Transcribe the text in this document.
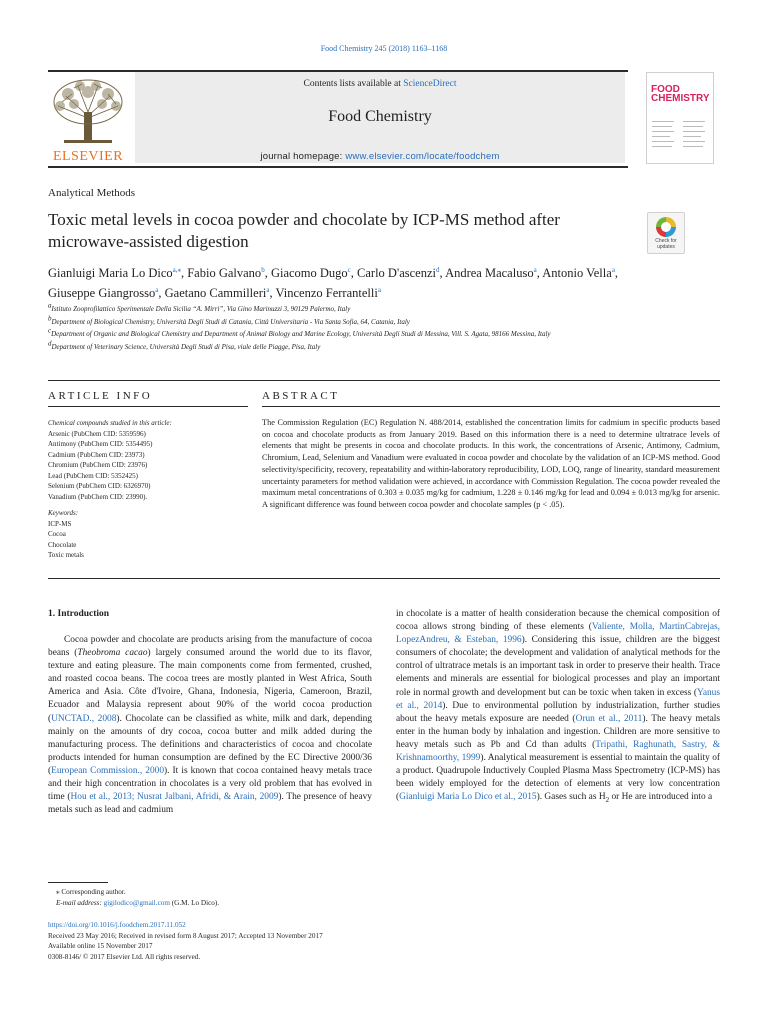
Food Chemistry 245 (2018) 1163–1168
ELSEVIER
Contents lists available at ScienceDirect
Food Chemistry
journal homepage: www.elsevier.com/locate/foodchem
FOOD
CHEMISTRY
Analytical Methods
Toxic metal levels in cocoa powder and chocolate by ICP-MS method after microwave-assisted digestion	Check for updates
Gianluigi Maria Lo Dico$^{a,⁎}$, Fabio Galvano$^b$, Giacomo Dugo$^c$, Carlo D'ascenzi$^d$, Andrea Macaluso$^a$, Antonio Vella$^a$, Giuseppe Giangrosso$^a$, Gaetano Cammilleri$^a$, Vincenzo Ferrantelli$^a$
$^a$Istituto Zooprofilattico Sperimentale Della Sicilia “A. Mirri”, Via Gino Marinuzzi 3, 90129 Palermo, Italy
$^b$Department of Biological Chemistry, Università Degli Studi di Catania, Città Universitaria - Via Santa Sofia, 64, Catania, Italy
$^c$Department of Organic and Biological Chemistry and Department of Animal Biology and Marine Ecology, Università Degli Studi di Messina, Vill. S. Agata, 98166 Messina, Italy
$^d$Department of Veterinary Science, Università Degli Studi di Pisa, viale delle Piagge, Pisa, Italy
ARTICLE INFO	ABSTRACT
Chemical compounds studied in this article:
Arsenic (PubChem CID: 5359596)
Antimony (PubChem CID: 5354495)
Cadmium (PubChem CID: 23973)
Chromium (PubChem CID: 23976)
Lead (PubChem CID: 5352425)
Selenium (PubChem CID: 6326970)
Vanadium (PubChem CID: 23990).
Keywords:
ICP-MS
Cocoa
Chocolate
Toxic metals
The Commission Regulation (EC) Regulation N. 488/2014, established the concentration limits for cadmium in specific products based on cocoa and chocolate products as from January 2019. Based on this information there is a need to determine ultratrace levels of elements that might be presents in cocoa and chocolate products. In this work, the concentrations of Arsenic, Antimony, Cadmium, Chromium, Lead, Selenium and Vanadium were evaluated in cocoa powder and chocolate by the validation of an ICP-MS method. Good selectivity/specificity, recovery, repeatability and within-laboratory reproducibility, LOD, LOQ, range of linearity, standard measurement uncertainty parameters for method validation were achieved, in accordance with Commission Regulation. The cocoa powder revealed the maximum metal concentrations of 0.303 ± 0.035 mg/kg for cadmium, 1.228 ± 0.146 mg/kg for lead and 0.094 ± 0.013 mg/kg for arsenic. A significant difference was found between cocoa powder and chocolate samples (p < .05).
1. Introduction
Cocoa powder and chocolate are products arising from the manufacture of cocoa beans (Theobroma cacao) largely consumed around the world due to its flavor, texture and eating pleasure. The main components come from fermented, crushed, and roasted cocoa beans. The cocoa trees are mostly planted in West Africa, South America and Asia. Côte d'Ivoire, Ghana, Indonesia, Nigeria, Cameroon, Brazil, Ecuador and Malaysia represent about 90% of the world cocoa production (UNCTAD., 2008). Chocolate can be classified as white, milk and dark, depending mainly on the amounts of dry cocoa, cocoa butter and milk added during the manufacturing process. The definitions and characteristics of cocoa and chocolate products intended for human consumption are defined by the EC Directive 2000/36 (European Commission., 2000). It is known that cocoa contained heavy metals trace and their high concentration in chocolates is a very old problem that has evolved in time (Hou et al., 2013; Nusrat Jalbani, Afridi, & Arain, 2009). The presence of heavy metals such as lead and cadmium
in chocolate is a matter of health consideration because the chemical composition of cocoa allows strong binding of these elements (Valiente, Molla, MartinCabrejas, LopezAndreu, & Esteban, 1996). Considering this issue, children are the biggest consumers of chocolate; the development and validation of analytical methods for the control of ultratrace metals is an important task in order to preserve their health. Trace elements and minerals are essential for biological processes and play an important role in normal growth and development but can be toxic when taken in excess (Yanus et al., 2014). Due to environmental pollution by industrialization, further studies about the heavy metals exposure are needed (Orun et al., 2011). The heavy metals enter in the human body by inhalation and ingestion. Children are more sensitive to heavy metals such as Pb and Cd than adults (Tripathi, Raghunath, Sastry, & Krishnamoorthy, 1999). Analytical measurement is essential to maintain the quality of a product. Quadrupole Inductively Coupled Plasma Mass Spectrometry (ICP-MS) has been widely employed for the detection of elements at very low concentration (Gianluigi Maria Lo Dico et al., 2015). Gases such as $H_2$ or He are introduced into a
⁎ Corresponding author.
E-mail address: gigilodico@gmail.com (G.M. Lo Dico).
https://doi.org/10.1016/j.foodchem.2017.11.052
Received 23 May 2016; Received in revised form 8 August 2017; Accepted 13 November 2017
Available online 15 November 2017
0308-8146/ © 2017 Elsevier Ltd. All rights reserved.
